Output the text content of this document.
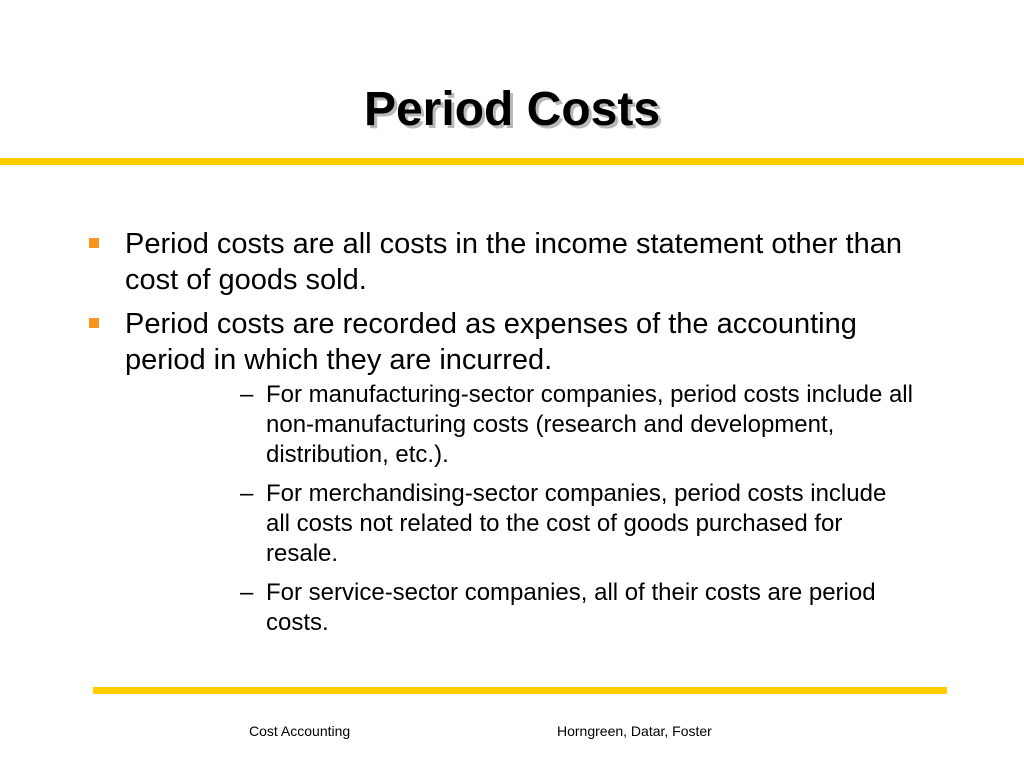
Period Costs
Period costs are all costs in the income statement other than cost of goods sold.
Period costs are recorded as expenses of the accounting period in which they are incurred.
– For manufacturing-sector companies, period costs include all non-manufacturing costs (research and development, distribution, etc.).
– For merchandising-sector companies, period costs include all costs not related to the cost of goods purchased for resale.
– For service-sector companies, all of their costs are period costs.
Cost Accounting	Horngreen, Datar, Foster
